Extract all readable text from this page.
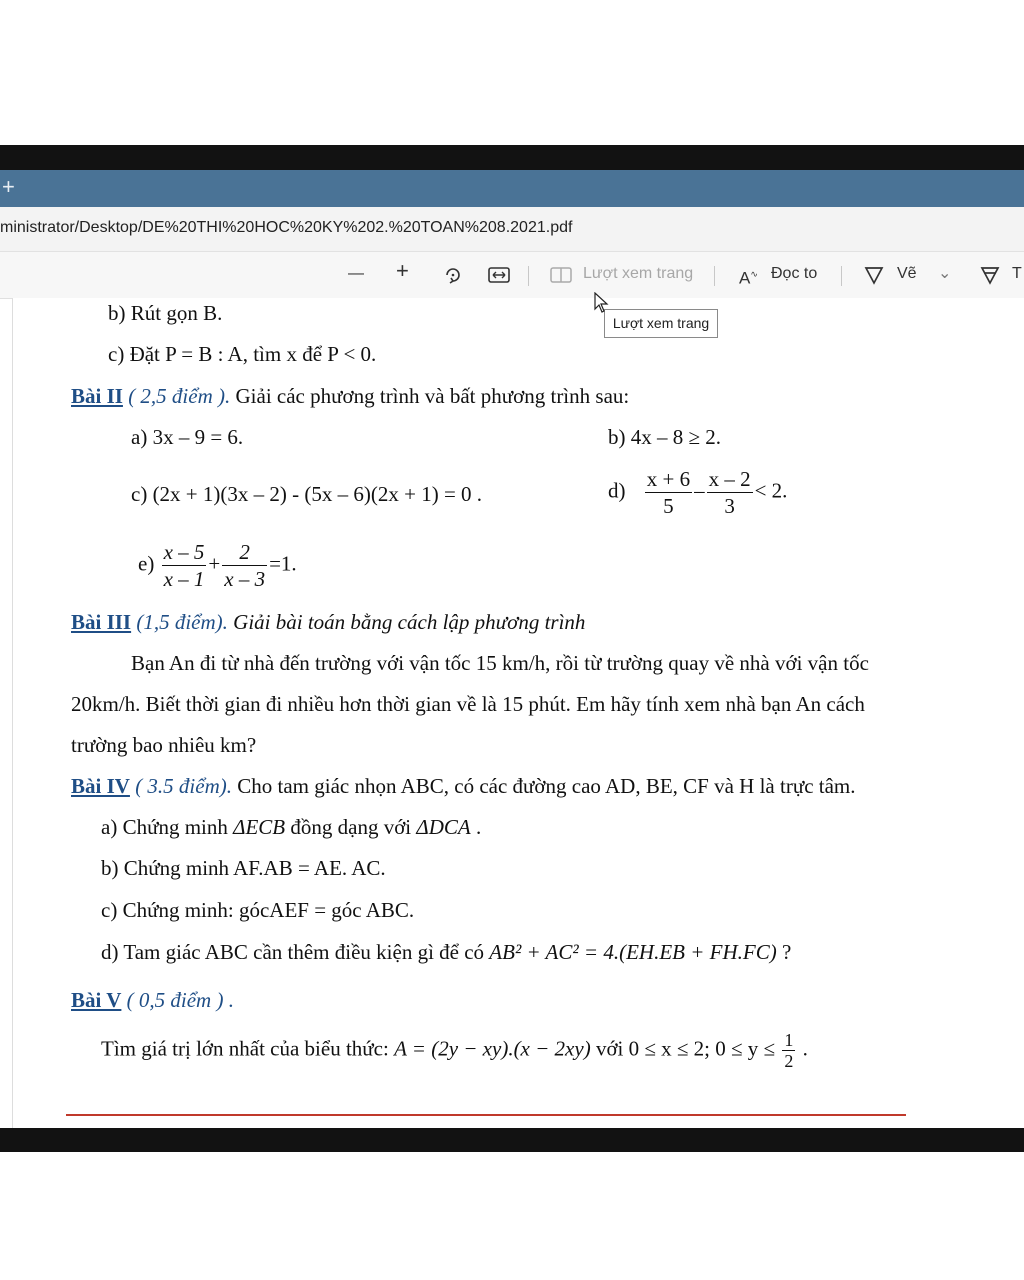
+
ministrator/Desktop/DE%20THI%20HOC%20KY%202.%20TOAN%208.2021.pdf
— +	Lượt xem trang	A∿ Đọc to	Vẽ ⌄	T
Lượt xem trang
b) Rút gọn B.
c) Đặt P = B : A, tìm x để P < 0.
Bài II ( 2,5 điểm ). Giải các phương trình và bất phương trình sau:
a) 3x – 9 = 6.	b) 4x – 8 ≥ 2.
c) (2x + 1)(3x – 2) - (5x – 6)(2x + 1) = 0 .	$d) \frac{x + 6}{5} - \frac{x - 2}{3} < 2$.
$e) \frac{x - 5}{x - 1} + \frac{2}{x - 3} =1$.
Bài III (1,5 điểm). Giải bài toán bằng cách lập phương trình
Bạn An đi từ nhà đến trường với vận tốc 15 km/h, rồi từ trường quay về nhà với vận tốc
20km/h. Biết thời gian đi nhiều hơn thời gian về là 15 phút. Em hãy tính xem nhà bạn An cách
trường bao nhiêu km?
Bài IV ( 3.5 điểm). Cho tam giác nhọn ABC, có các đường cao AD, BE, CF và H là trực tâm.
a) Chứng minh ΔECB đồng dạng với ΔDCA .
b) Chứng minh AF.AB = AE. AC.
c) Chứng minh: gócAEF = góc ABC.
d) Tam giác ABC cần thêm điều kiện gì để có AB² + AC² = 4.(EH.EB + FH.FC) ?
Bài V ( 0,5 điểm ) .
Tìm giá trị lớn nhất của biểu thức: A = (2y − xy).(x − 2xy) với 0 ≤ x ≤ 2; $0 \le y \le \frac{1}{2}$ .
